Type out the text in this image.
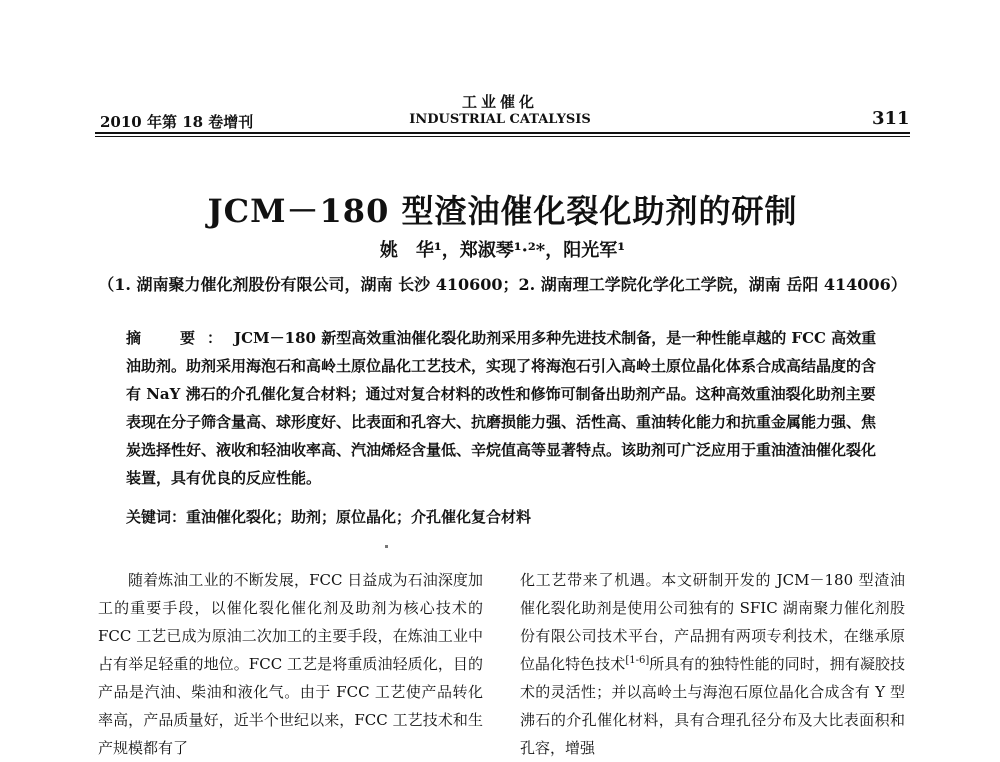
2010 年第 18 卷增刊
工业催化
INDUSTRIAL CATALYSIS	311
JCM－180 型渣油催化裂化助剂的研制
姚　华¹，郑淑琴¹·²*，阳光军¹
（1. 湖南聚力催化剂股份有限公司，湖南 长沙 410600；2. 湖南理工学院化学化工学院，湖南 岳阳 414006）

摘　要：JCM－180 新型高效重油催化裂化助剂采用多种先进技术制备，是一种性能卓越的 FCC 高效重油助剂。助剂采用海泡石和高岭土原位晶化工艺技术，实现了将海泡石引入高岭土原位晶化体系合成高结晶度的含有 NaY 沸石的介孔催化复合材料；通过对复合材料的改性和修饰可制备出助剂产品。这种高效重油裂化助剂主要表现在分子筛含量高、球形度好、比表面和孔容大、抗磨损能力强、活性高、重油转化能力和抗重金属能力强、焦炭选择性好、液收和轻油收率高、汽油烯烃含量低、辛烷值高等显著特点。该助剂可广泛应用于重油渣油催化裂化装置，具有优良的反应性能。

关键词：重油催化裂化；助剂；原位晶化；介孔催化复合材料

随着炼油工业的不断发展，FCC 日益成为石油深度加工的重要手段，以催化裂化催化剂及助剂为核心技术的 FCC 工艺已成为原油二次加工的主要手段，在炼油工业中占有举足轻重的地位。FCC 工艺是将重质油轻质化，目的产品是汽油、柴油和液化气。由于 FCC 工艺使产品转化率高，产品质量好，近半个世纪以来，FCC 工艺技术和生产规模都有了

化工艺带来了机遇。本文研制开发的 JCM－180 型渣油催化裂化助剂是使用公司独有的 SFIC 湖南聚力催化剂股份有限公司技术平台，产品拥有两项专利技术，在继承原位晶化特色技术[1-6]所具有的独特性能的同时，拥有凝胶技术的灵活性；并以高岭土与海泡石原位晶化合成含有 Y 型沸石的介孔催化材料，具有合理孔径分布及大比表面积和孔容，增强
